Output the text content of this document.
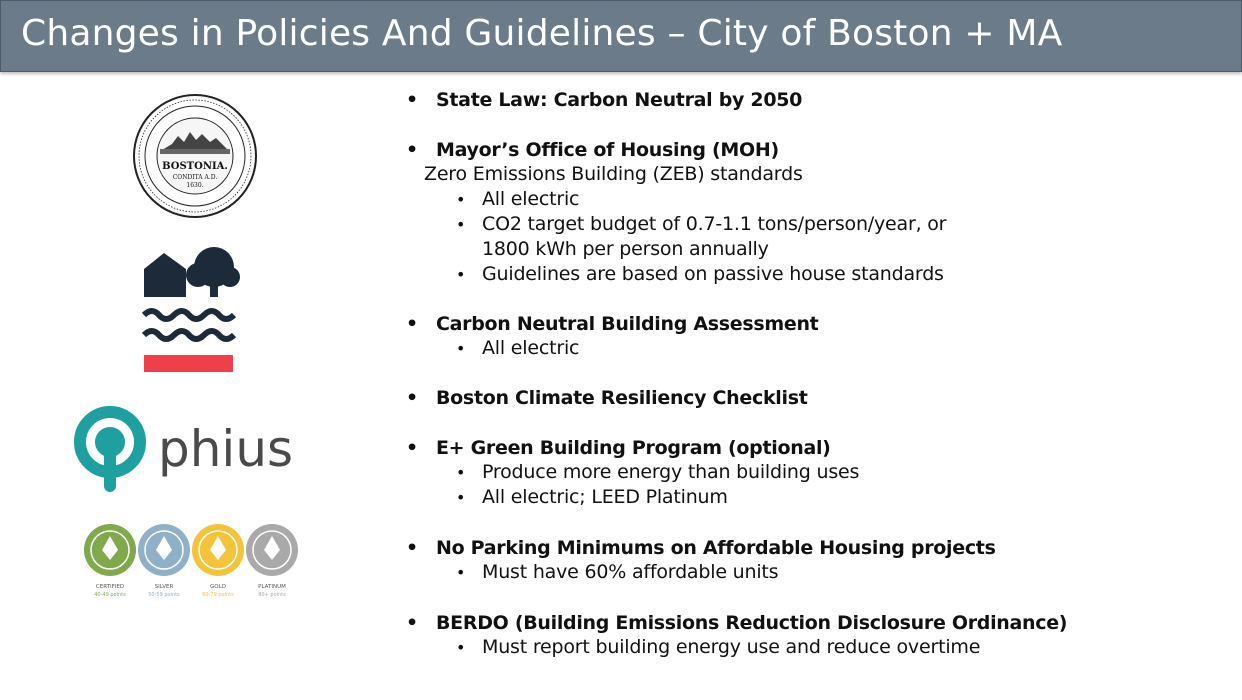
Changes in Policies And Guidelines – City of Boston + MA
BOSTONIA.
CONDITA A.D.
1630.
phius
CERTIFIED
40-49 points
SILVER
50-59 points
GOLD
60-79 points
PLATINUM
80+ points
• State Law: Carbon Neutral by 2050
• Mayor’s Office of Housing (MOH)
Zero Emissions Building (ZEB) standards
• All electric
• CO2 target budget of 0.7-1.1 tons/person/year, or
1800 kWh per person annually
• Guidelines are based on passive house standards
• Carbon Neutral Building Assessment
• All electric
• Boston Climate Resiliency Checklist
• E+ Green Building Program (optional)
• Produce more energy than building uses
• All electric; LEED Platinum
• No Parking Minimums on Affordable Housing projects
• Must have 60% affordable units
• BERDO (Building Emissions Reduction Disclosure Ordinance)
• Must report building energy use and reduce overtime
